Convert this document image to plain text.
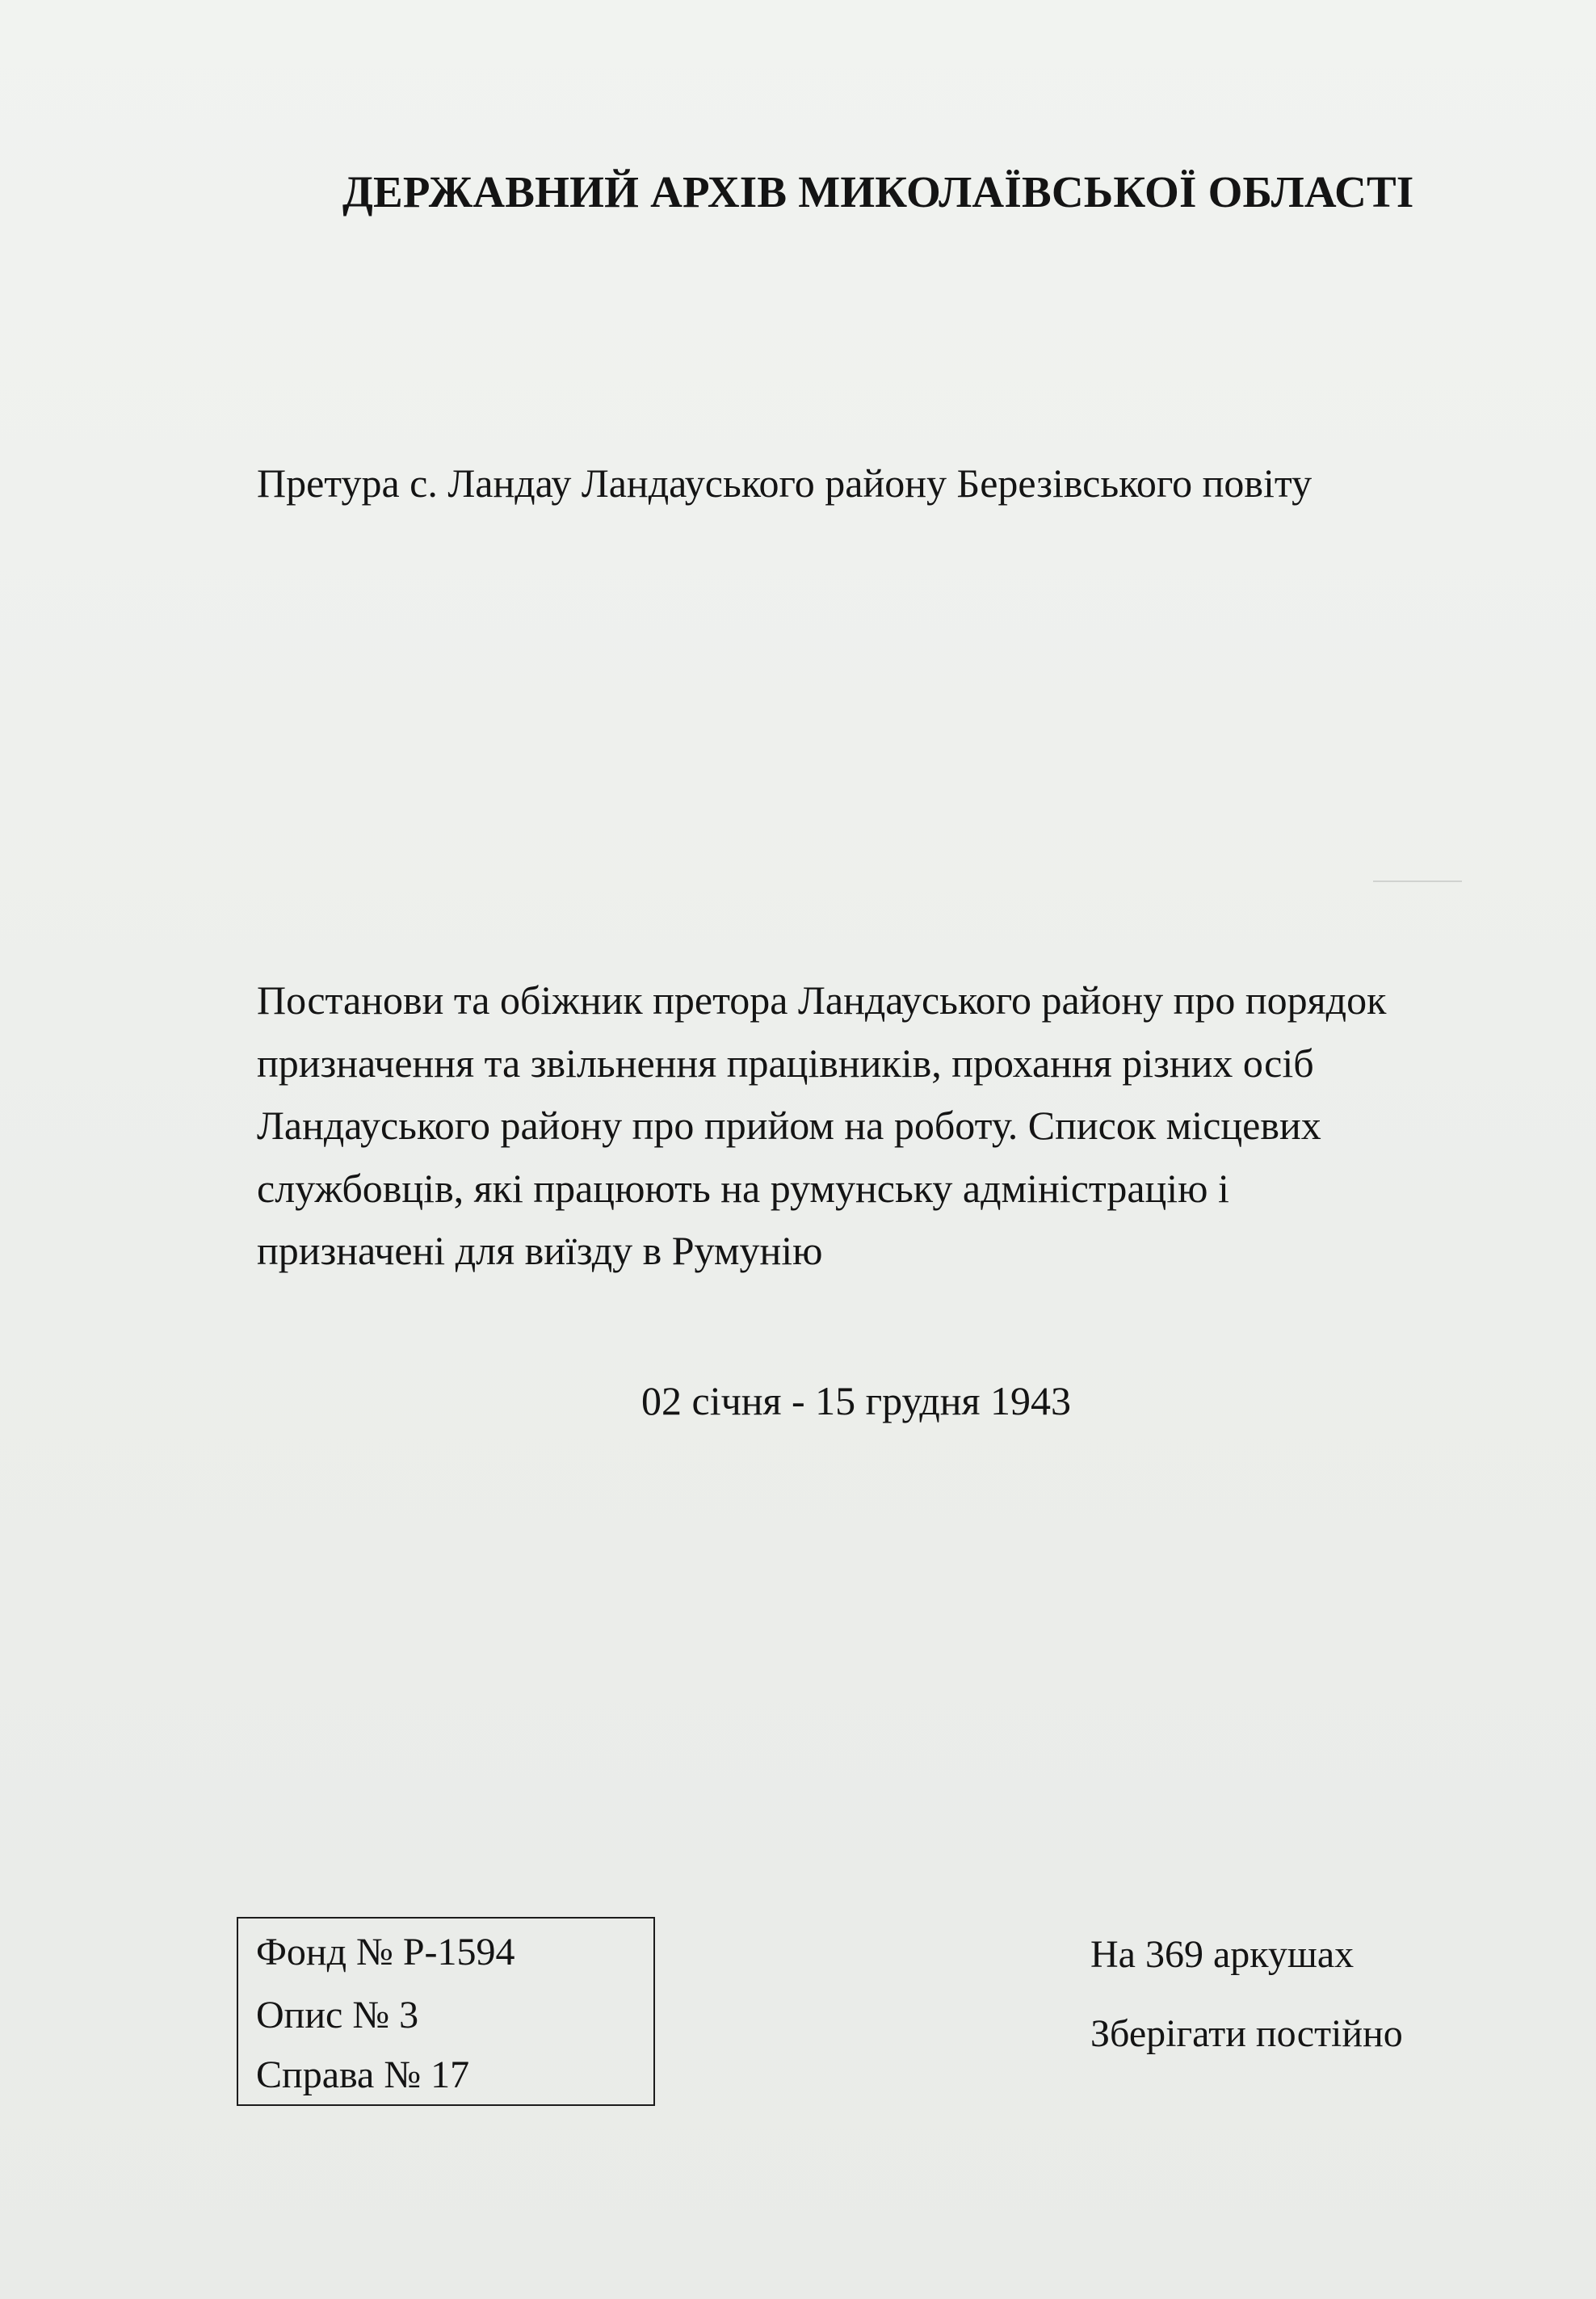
ДЕРЖАВНИЙ АРХІВ МИКОЛАЇВСЬКОЇ ОБЛАСТІ
Претура с. Ландау Ландауського району Березівського повіту
Постанови та обіжник претора Ландауського району про порядок
призначення та звільнення працівників, прохання різних осіб
Ландауського району про прийом на роботу. Список місцевих
службовців, які працюють на румунську адміністрацію і
призначені для виїзду в Румунію
02 січня - 15 грудня 1943
Фонд № Р-1594
Опис № 3
Справа № 17
На 369 аркушах
Зберігати постійно
